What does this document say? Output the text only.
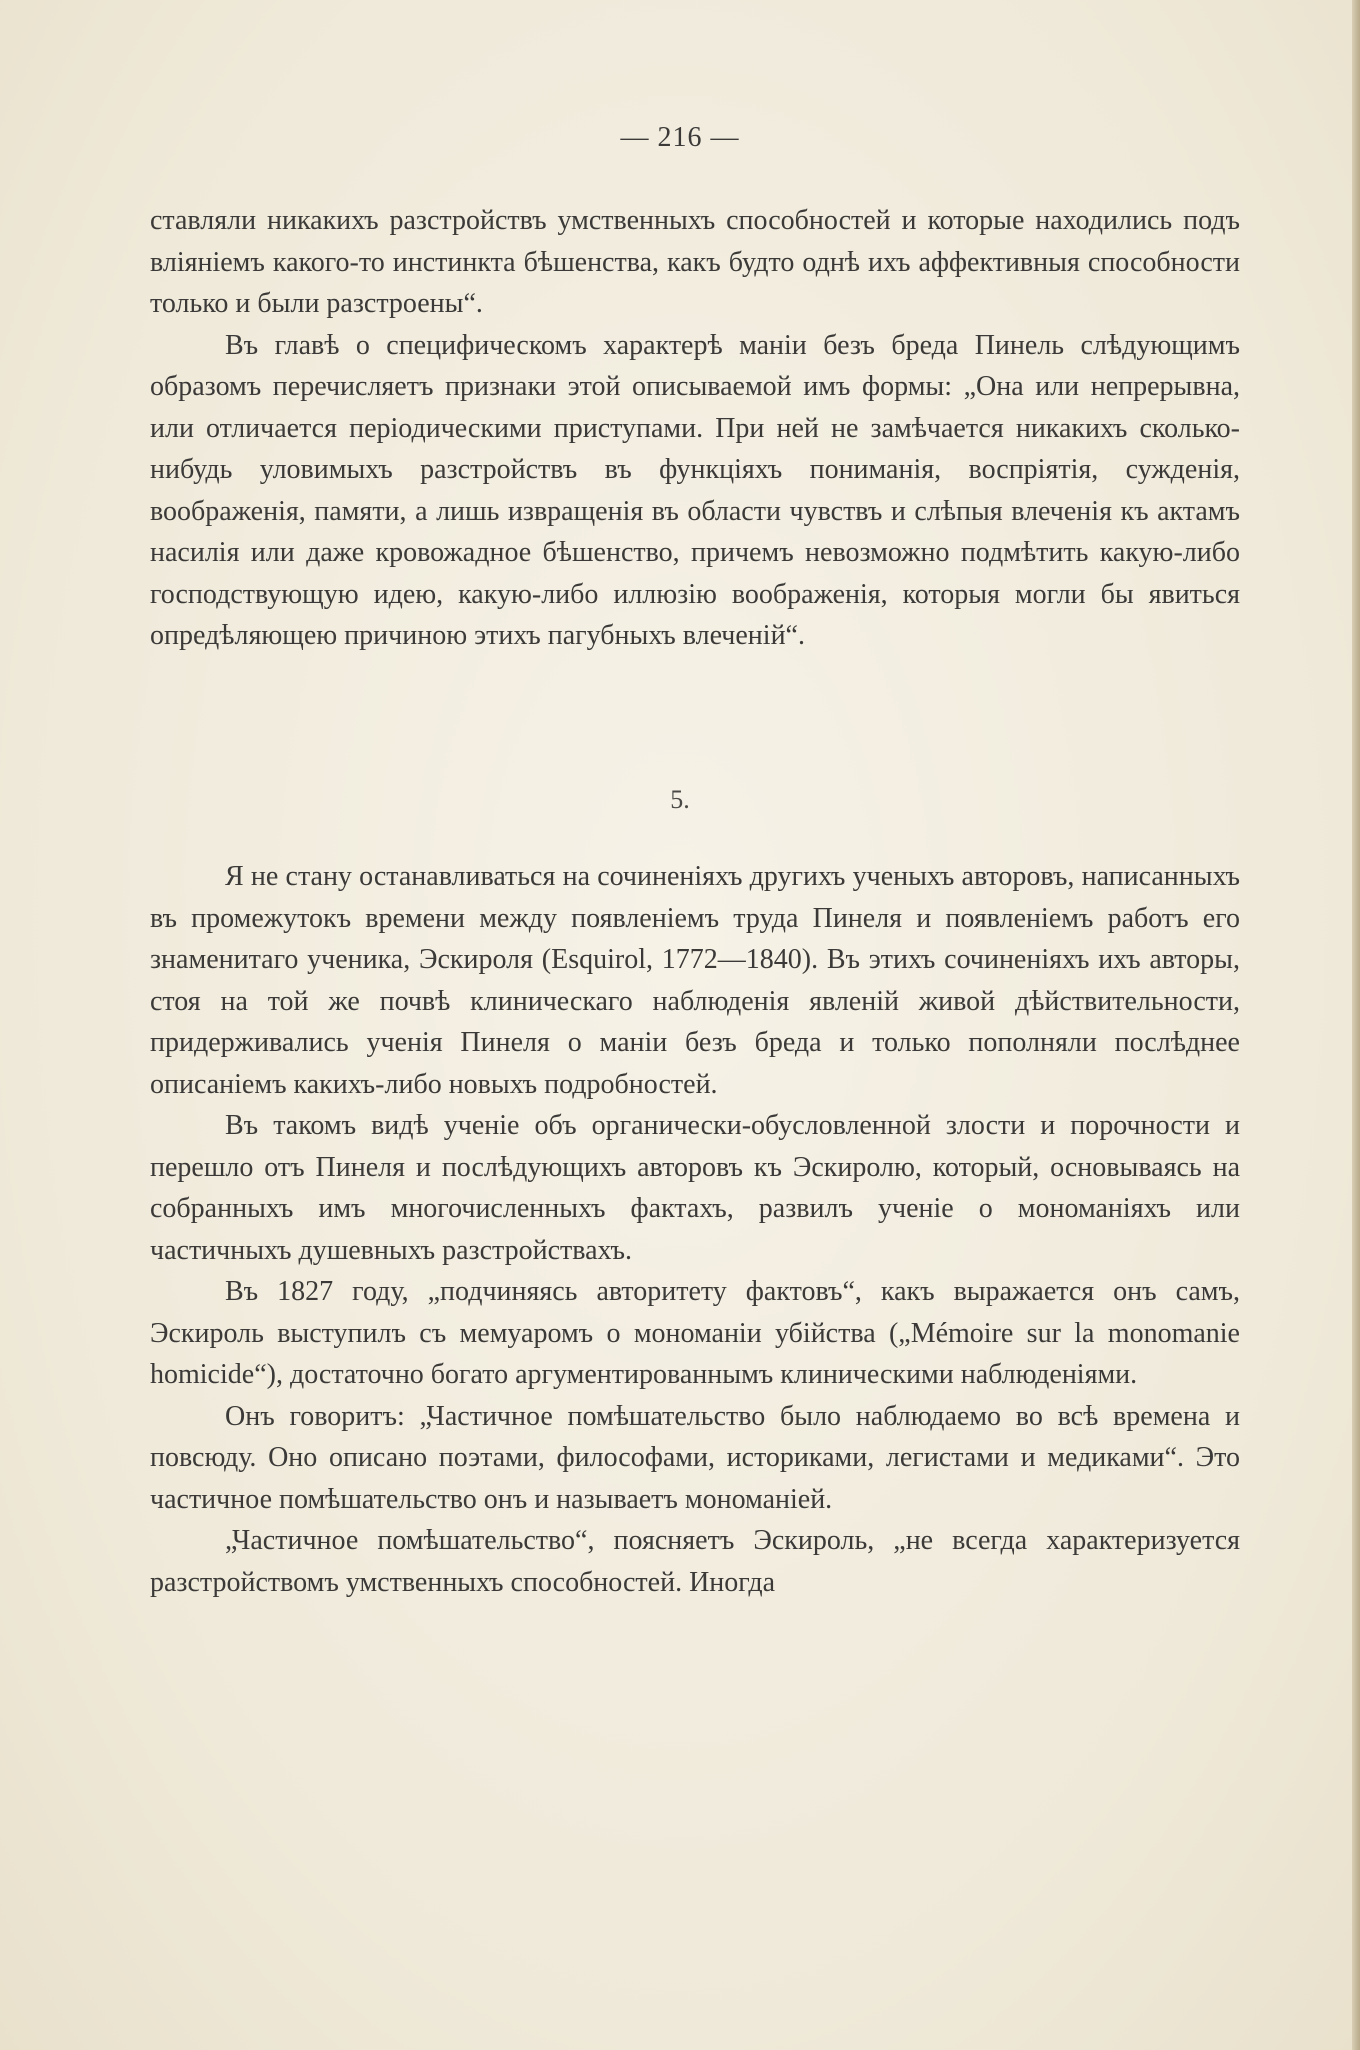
— 216 —

ставляли никакихъ разстройствъ умственныхъ способностей и которые находились подъ вліяніемъ какого-то инстинкта бѣшенства, какъ будто однѣ ихъ аффективныя способности только и были разстроены“.

Въ главѣ о специфическомъ характерѣ маніи безъ бреда Пинель слѣдующимъ образомъ перечисляетъ признаки этой описываемой имъ формы: „Она или непрерывна, или отличается періодическими приступами. При ней не замѣчается никакихъ сколько-нибудь уловимыхъ разстройствъ въ функціяхъ пониманія, воспріятія, сужденія, воображенія, памяти, а лишь извращенія въ области чувствъ и слѣпыя влеченія къ актамъ насилія или даже кровожадное бѣшенство, причемъ невозможно подмѣтить какую-либо господствующую идею, какую-либо иллюзію воображенія, которыя могли бы явиться опредѣляющею причиною этихъ пагубныхъ влеченій“.

5.

Я не стану останавливаться на сочиненіяхъ другихъ ученыхъ авторовъ, написанныхъ въ промежутокъ времени между появленіемъ труда Пинеля и появленіемъ работъ его знаменитаго ученика, Эскироля (Esquirol, 1772—1840). Въ этихъ сочиненіяхъ ихъ авторы, стоя на той же почвѣ клиническаго наблюденія явленій живой дѣйствительности, придерживались ученія Пинеля о маніи безъ бреда и только пополняли послѣднее описаніемъ какихъ-либо новыхъ подробностей.

Въ такомъ видѣ ученіе объ органически-обусловленной злости и порочности и перешло отъ Пинеля и послѣдующихъ авторовъ къ Эскиролю, который, основываясь на собранныхъ имъ многочисленныхъ фактахъ, развилъ ученіе о мономаніяхъ или частичныхъ душевныхъ разстройствахъ.

Въ 1827 году, „подчиняясь авторитету фактовъ“, какъ выражается онъ самъ, Эскироль выступилъ съ мемуаромъ о мономаніи убійства („Mémoire sur la monomanie homicide“), достаточно богато аргументированнымъ клиническими наблюденіями.

Онъ говоритъ: „Частичное помѣшательство было наблюдаемо во всѣ времена и повсюду. Оно описано поэтами, философами, историками, легистами и медиками“. Это частичное помѣшательство онъ и называетъ мономаніей.

„Частичное помѣшательство“, поясняетъ Эскироль, „не всегда характеризуется разстройствомъ умственныхъ способностей. Иногда
